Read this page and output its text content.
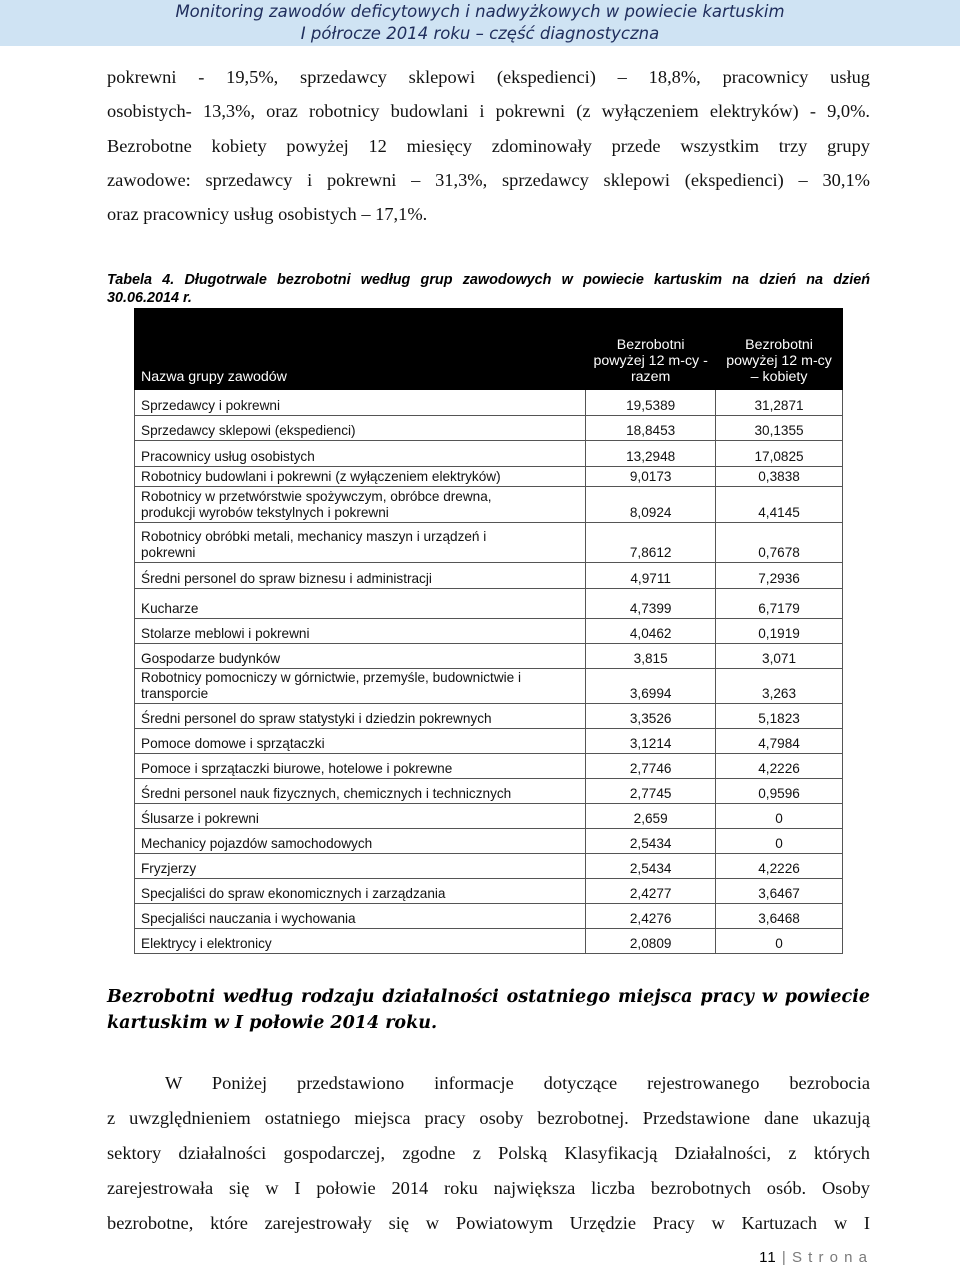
Monitoring zawodów deficytowych i nadwyżkowych w powiecie kartuskim
I półrocze 2014 roku – część diagnostyczna
pokrewni - 19,5%, sprzedawcy sklepowi (ekspedienci) – 18,8%, pracownicy usług
osobistych- 13,3%, oraz robotnicy budowlani i pokrewni (z wyłączeniem elektryków) - 9,0%.
Bezrobotne kobiety powyżej 12 miesięcy zdominowały przede wszystkim trzy grupy
zawodowe: sprzedawcy i pokrewni – 31,3%, sprzedawcy sklepowi (ekspedienci) – 30,1%
oraz pracownicy usług osobistych – 17,1%.
Tabela 4. Długotrwale bezrobotni według grup zawodowych w powiecie kartuskim na dzień na dzień
30.06.2014 r.
Nazwa grupy zawodów	Bezrobotni powyżej 12 m-cy - razem	Bezrobotni powyżej 12 m-cy – kobiety

Sprzedawcy i pokrewni	19,5389	31,2871

Sprzedawcy sklepowi (ekspedienci)	18,8453	30,1355

Pracownicy usług osobistych	13,2948	17,0825

Robotnicy budowlani i pokrewni (z wyłączeniem elektryków)	9,0173	0,3838

Robotnicy w przetwórstwie spożywczym, obróbce drewna,
produkcji wyrobów tekstylnych i pokrewni	8,0924	4,4145

Robotnicy obróbki metali, mechanicy maszyn i urządzeń i
pokrewni	7,8612	0,7678

Średni personel do spraw biznesu i administracji	4,9711	7,2936

Kucharze	4,7399	6,7179

Stolarze meblowi i pokrewni	4,0462	0,1919

Gospodarze budynków	3,815	3,071

Robotnicy pomocniczy w górnictwie, przemyśle, budownictwie i
transporcie	3,6994	3,263

Średni personel do spraw statystyki i dziedzin pokrewnych	3,3526	5,1823

Pomoce domowe i sprzątaczki	3,1214	4,7984

Pomoce i sprzątaczki biurowe, hotelowe i pokrewne	2,7746	4,2226

Średni personel nauk fizycznych, chemicznych i technicznych	2,7745	0,9596

Ślusarze i pokrewni	2,659	0

Mechanicy pojazdów samochodowych	2,5434	0

Fryzjerzy	2,5434	4,2226

Specjaliści do spraw ekonomicznych i zarządzania	2,4277	3,6467

Specjaliści nauczania i wychowania	2,4276	3,6468

Elektrycy i elektronicy	2,0809	0
Bezrobotni według rodzaju działalności ostatniego miejsca pracy w powiecie
kartuskim w I połowie 2014 roku.
W Poniżej przedstawiono informacje dotyczące rejestrowanego bezrobocia
z uwzględnieniem ostatniego miejsca pracy osoby bezrobotnej. Przedstawione dane ukazują
sektory działalności gospodarczej, zgodne z Polską Klasyfikacją Działalności, z których
zarejestrowała się w I połowie 2014 roku największa liczba bezrobotnych osób. Osoby
bezrobotne, które zarejestrowały się w Powiatowym Urzędzie Pracy w Kartuzach w I
11 | S t r o n a
